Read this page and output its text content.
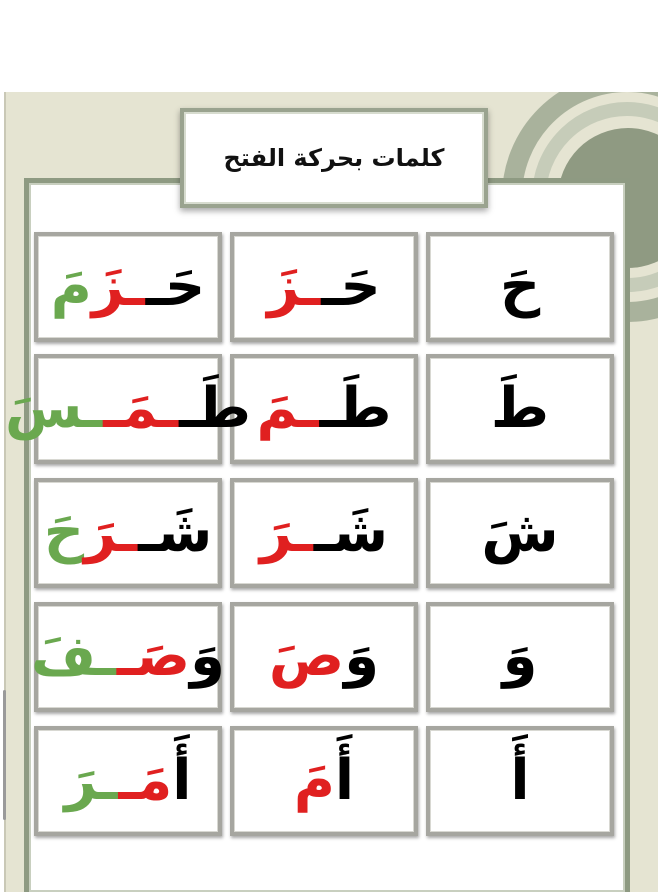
كلمات بحركة الفتح
حَ
حَــزَ
حَــزَمَ
طَ
طَــمَ
طَــمَــسَ
شَ
شَــرَ
شَــرَحَ
وَ
وَصَ
وَصَــفَ
أَ
أَمَ
أَمَــرَ
